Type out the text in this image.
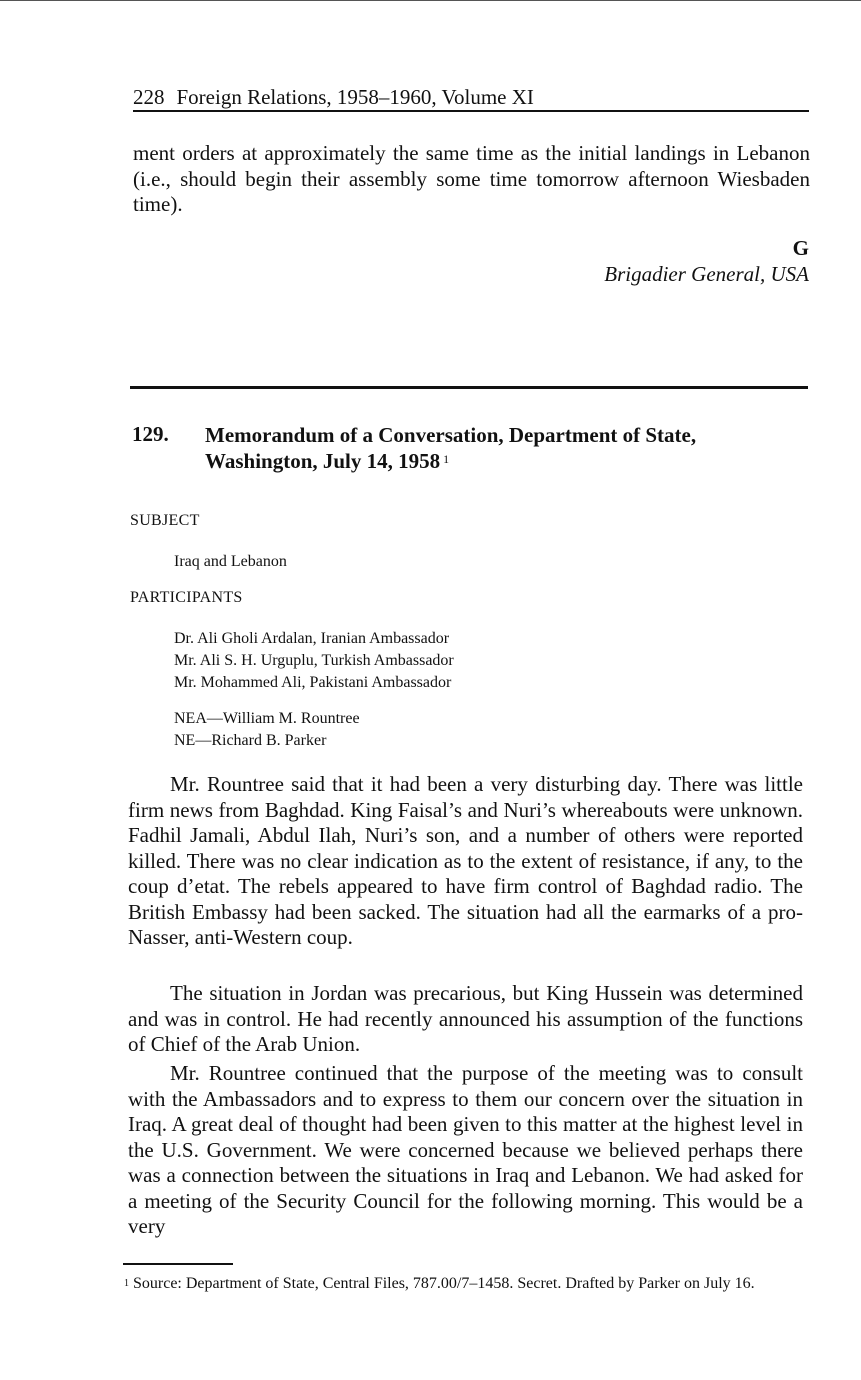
228 Foreign Relations, 1958–1960, Volume XI
ment orders at approximately the same time as the initial landings in Lebanon (i.e., should begin their assembly some time tomorrow afternoon Wiesbaden time).
G
Brigadier General, USA
129. Memorandum of a Conversation, Department of State, Washington, July 14, 1958 $^1$
SUBJECT
Iraq and Lebanon
PARTICIPANTS
Dr. Ali Gholi Ardalan, Iranian Ambassador
Mr. Ali S. H. Urguplu, Turkish Ambassador
Mr. Mohammed Ali, Pakistani Ambassador
NEA—William M. Rountree
NE—Richard B. Parker
Mr. Rountree said that it had been a very disturbing day. There was little firm news from Baghdad. King Faisal’s and Nuri’s whereabouts were unknown. Fadhil Jamali, Abdul Ilah, Nuri’s son, and a number of others were reported killed. There was no clear indication as to the extent of resistance, if any, to the coup d’etat. The rebels appeared to have firm control of Baghdad radio. The British Embassy had been sacked. The situation had all the earmarks of a pro-Nasser, anti-Western coup.
The situation in Jordan was precarious, but King Hussein was determined and was in control. He had recently announced his assumption of the functions of Chief of the Arab Union.
Mr. Rountree continued that the purpose of the meeting was to consult with the Ambassadors and to express to them our concern over the situation in Iraq. A great deal of thought had been given to this matter at the highest level in the U.S. Government. We were concerned because we believed perhaps there was a connection between the situations in Iraq and Lebanon. We had asked for a meeting of the Security Council for the following morning. This would be a very
$^1$ Source: Department of State, Central Files, 787.00/7–1458. Secret. Drafted by Parker on July 16.
